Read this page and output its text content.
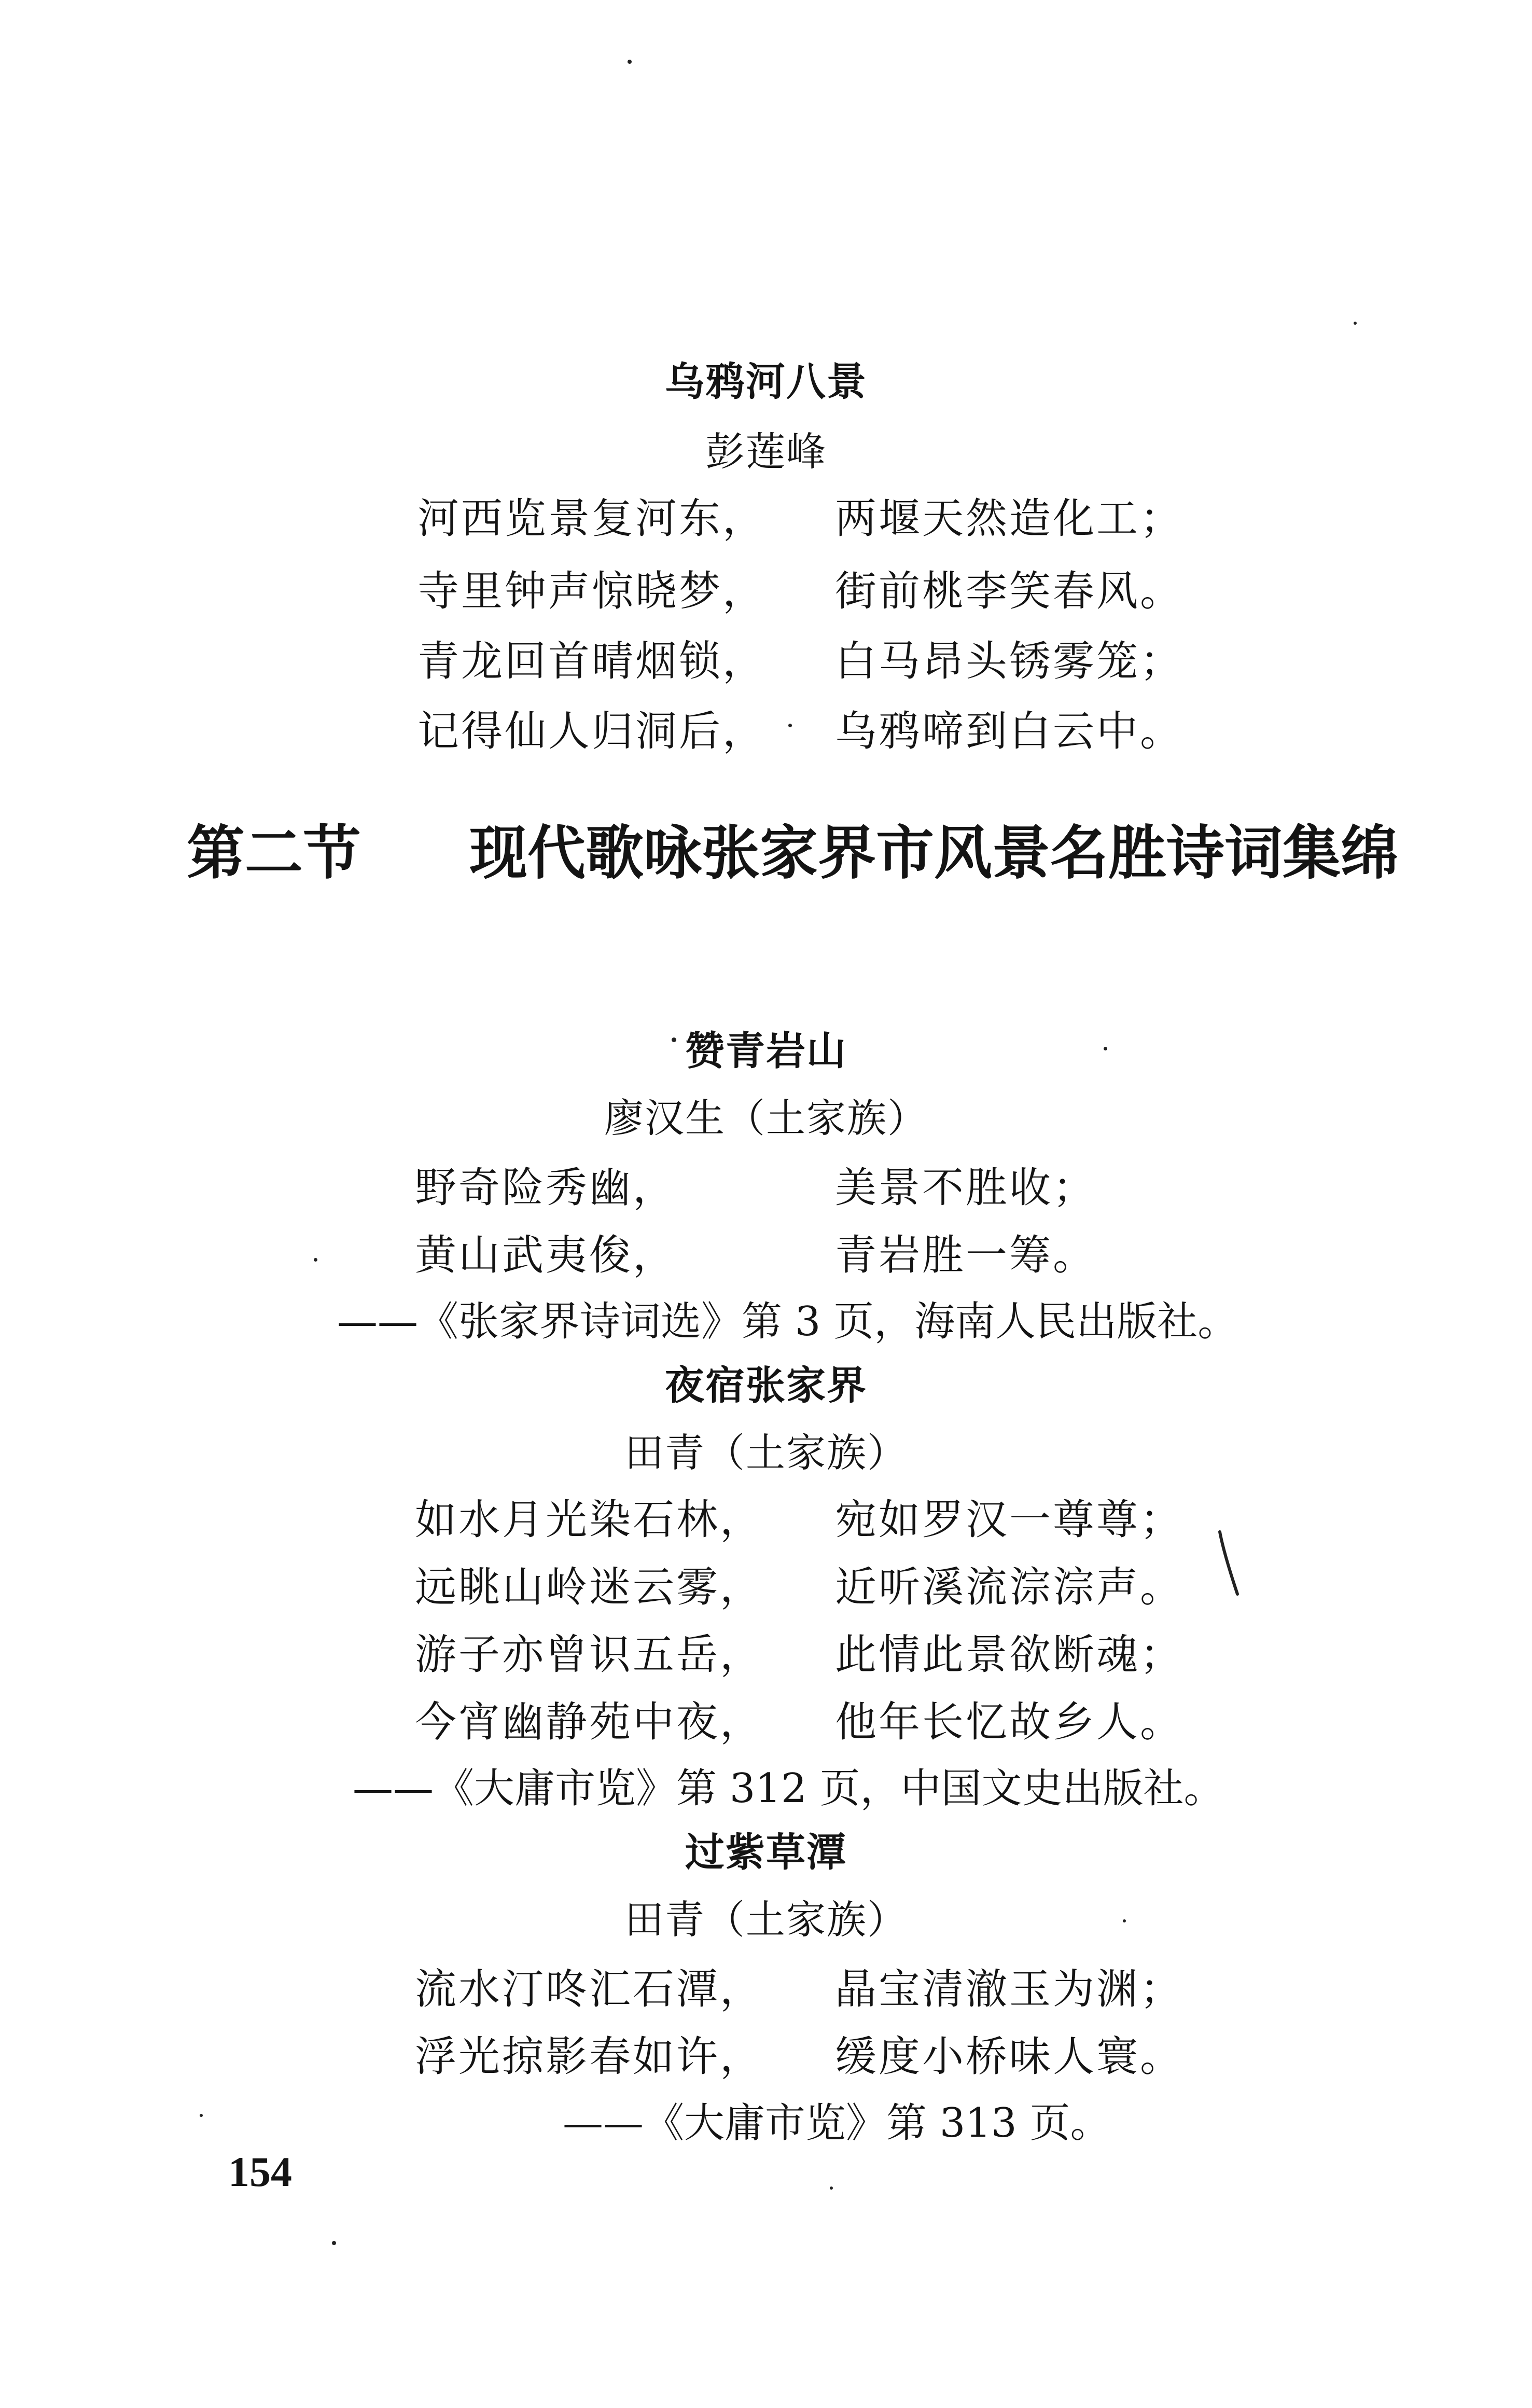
乌鸦河八景
彭莲峰
河西览景复河东， 两堰天然造化工；
寺里钟声惊晓梦， 街前桃李笑春风。
青龙回首晴烟锁， 白马昂头锈雾笼；
记得仙人归洞后， 乌鸦啼到白云中。
第二节 现代歌咏张家界市风景名胜诗词集绵
赞青岩山
廖汉生（土家族）
野奇险秀幽，	美景不胜收；
黄山武夷俊，	青岩胜一筹。
——《张家界诗词选》第 3 页，海南人民出版社。
夜宿张家界
田青（土家族）
如水月光染石林， 宛如罗汉一尊尊；
远眺山岭迷云雾， 近听溪流淙淙声。
游子亦曾识五岳， 此情此景欲断魂；
今宵幽静苑中夜， 他年长忆故乡人。
——《大庸市览》第 312 页，中国文史出版社。
过紫草潭
田青（土家族）
流水汀咚汇石潭， 晶宝清澈玉为渊；
浮光掠影春如许， 缓度小桥味人寰。
——《大庸市览》第 313 页。
154
